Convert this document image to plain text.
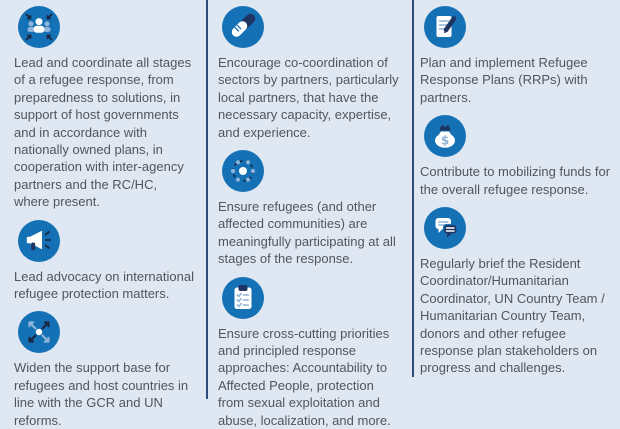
Lead and coordinate all stages of a refugee response, from preparedness to solutions, in support of host governments and in accordance with nationally owned plans, in cooperation with inter-agency partners and the RC/HC, where present.

Lead advocacy on international refugee protection matters.

Widen the support base for refugees and host countries in line with the GCR and UN reforms.

Encourage co-coordination of sectors by partners, particularly local partners, that have the necessary capacity, expertise, and experience.

Ensure refugees (and other affected communities) are meaningfully participating at all stages of the response.

Ensure cross-cutting priorities and principled response approaches: Accountability to Affected People, protection from sexual exploitation and abuse, localization, and more.

Plan and implement Refugee Response Plans (RRPs) with partners.

$

Contribute to mobilizing funds for the overall refugee response.

Regularly brief the Resident Coordinator/Humanitarian Coordinator, UN Country Team / Humanitarian Country Team, donors and other refugee response plan stakeholders on progress and challenges.
